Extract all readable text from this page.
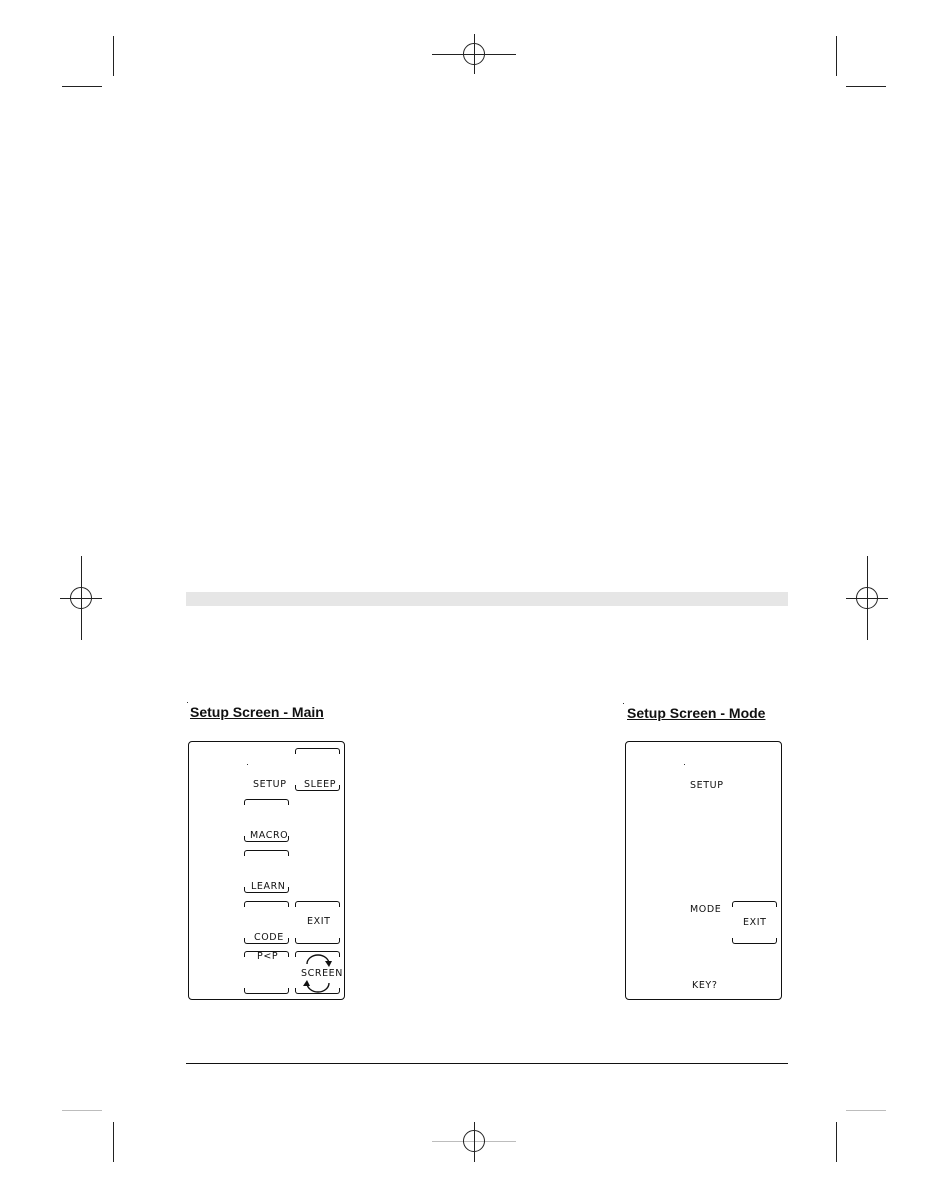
Setup Screen - Main	Setup Screen - Mode
SLEEP
SETUP
MACRO
LEARN
CODE
EXIT
P<P
SCREEN
SETUP
MODE
EXIT
KEY?
